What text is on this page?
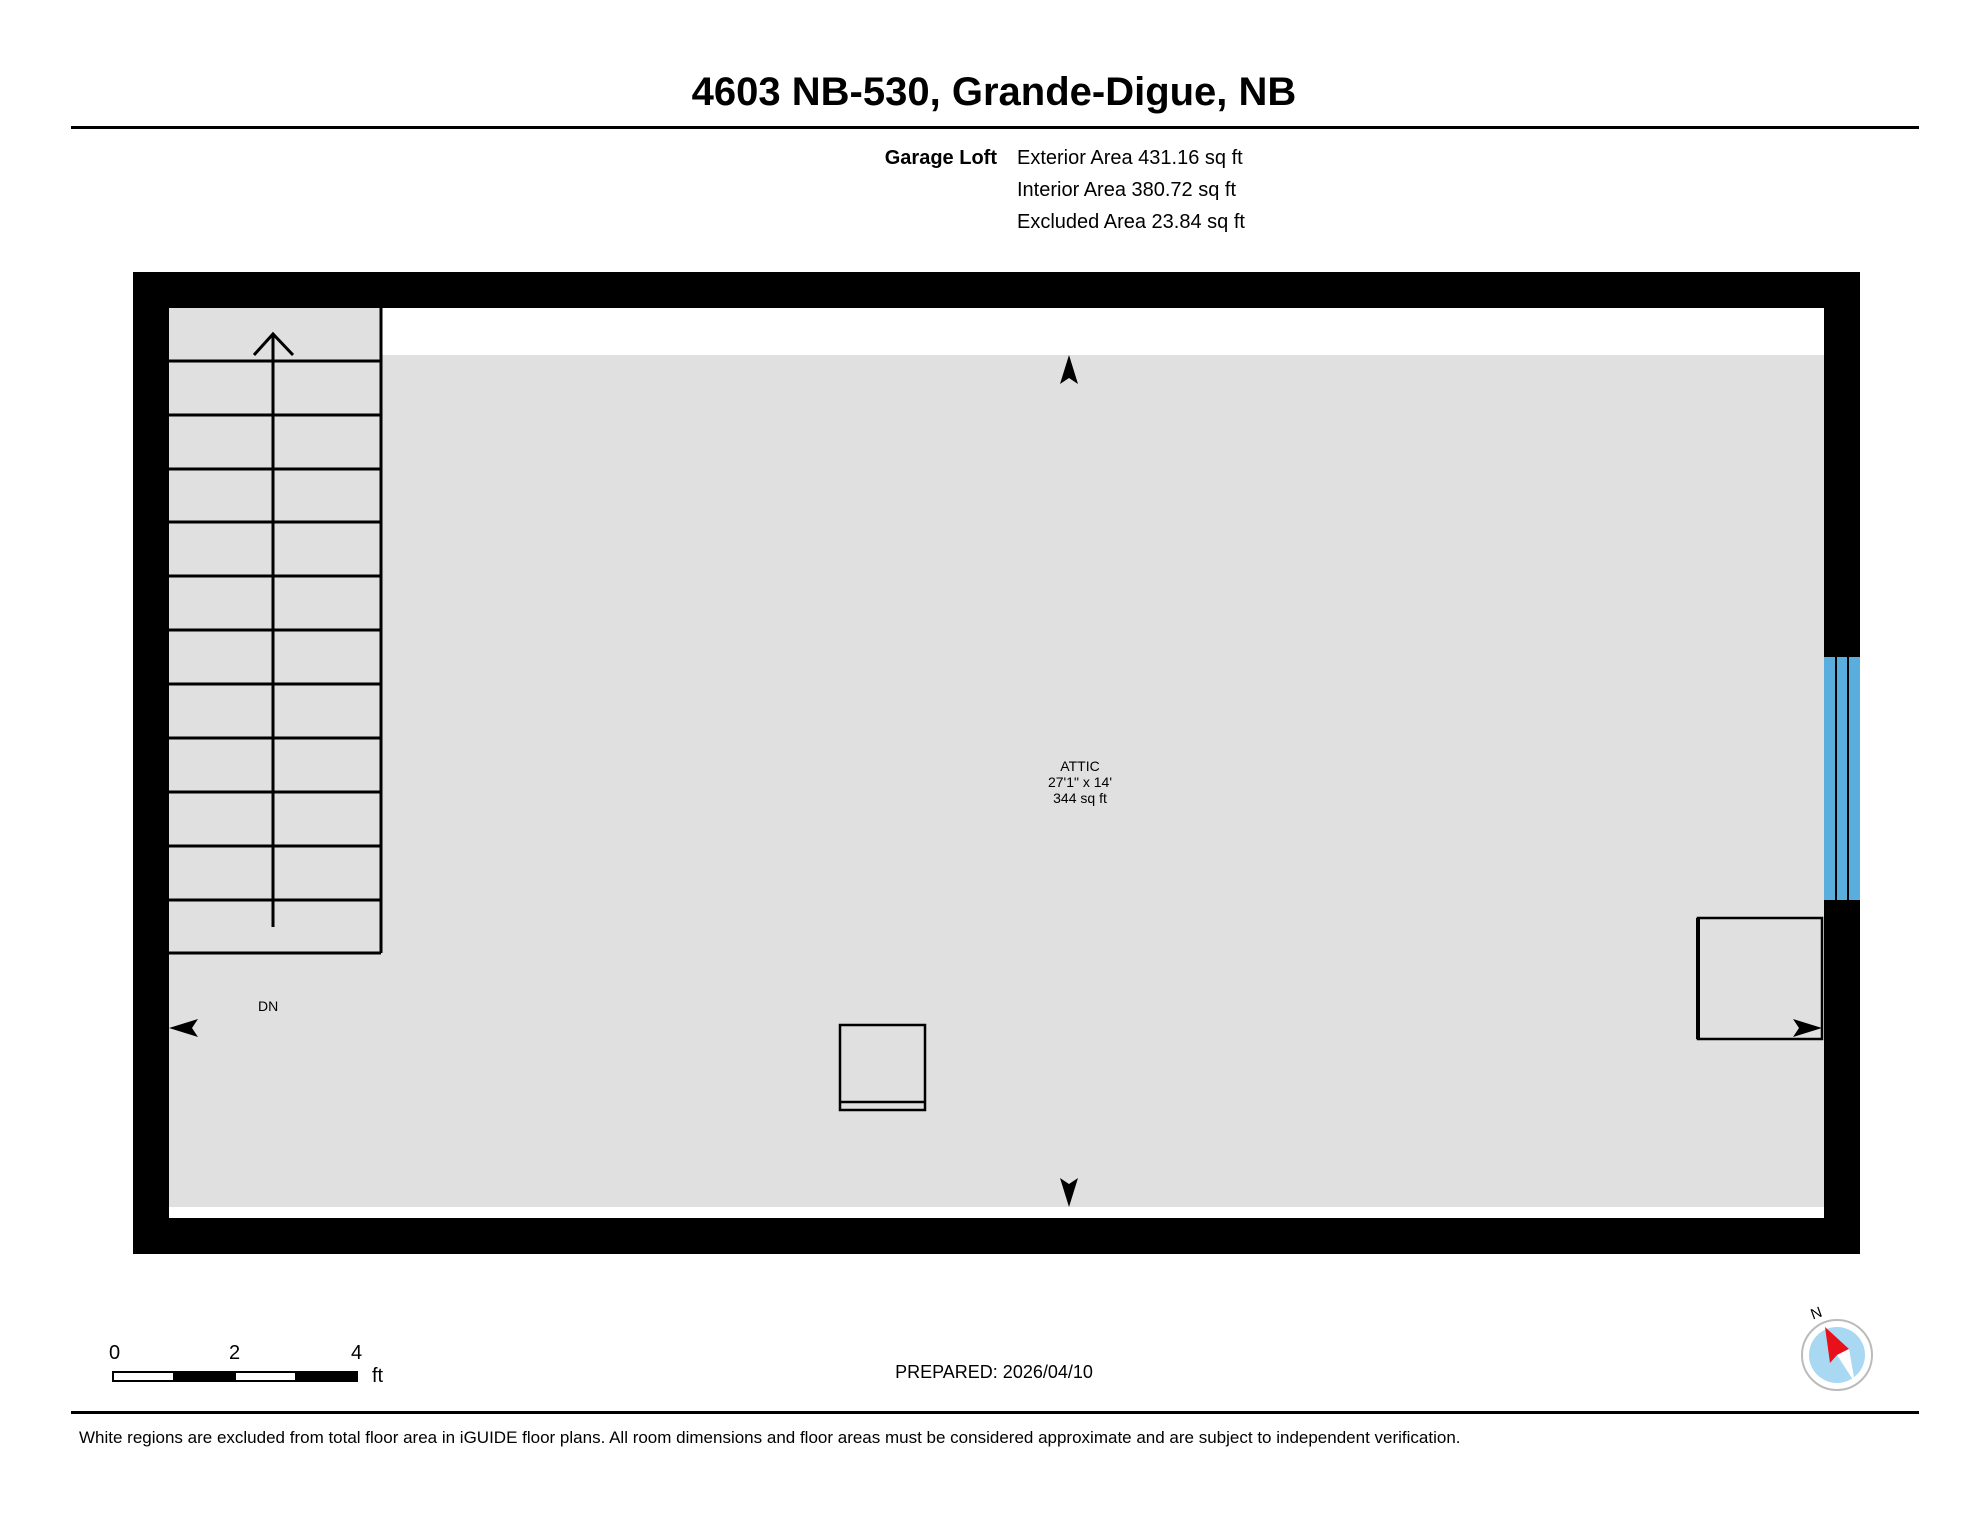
4603 NB-530, Grande-Digue, NB
Garage Loft Exterior Area 431.16 sq ft
Interior Area 380.72 sq ft
Excluded Area 23.84 sq ft
ATTIC
27'1" x 14'
344 sq ft
DN
0	2	4
ft	PREPARED: 2026/04/10
N
White regions are excluded from total floor area in iGUIDE floor plans. All room dimensions and floor areas must be considered approximate and are subject to independent verification.
